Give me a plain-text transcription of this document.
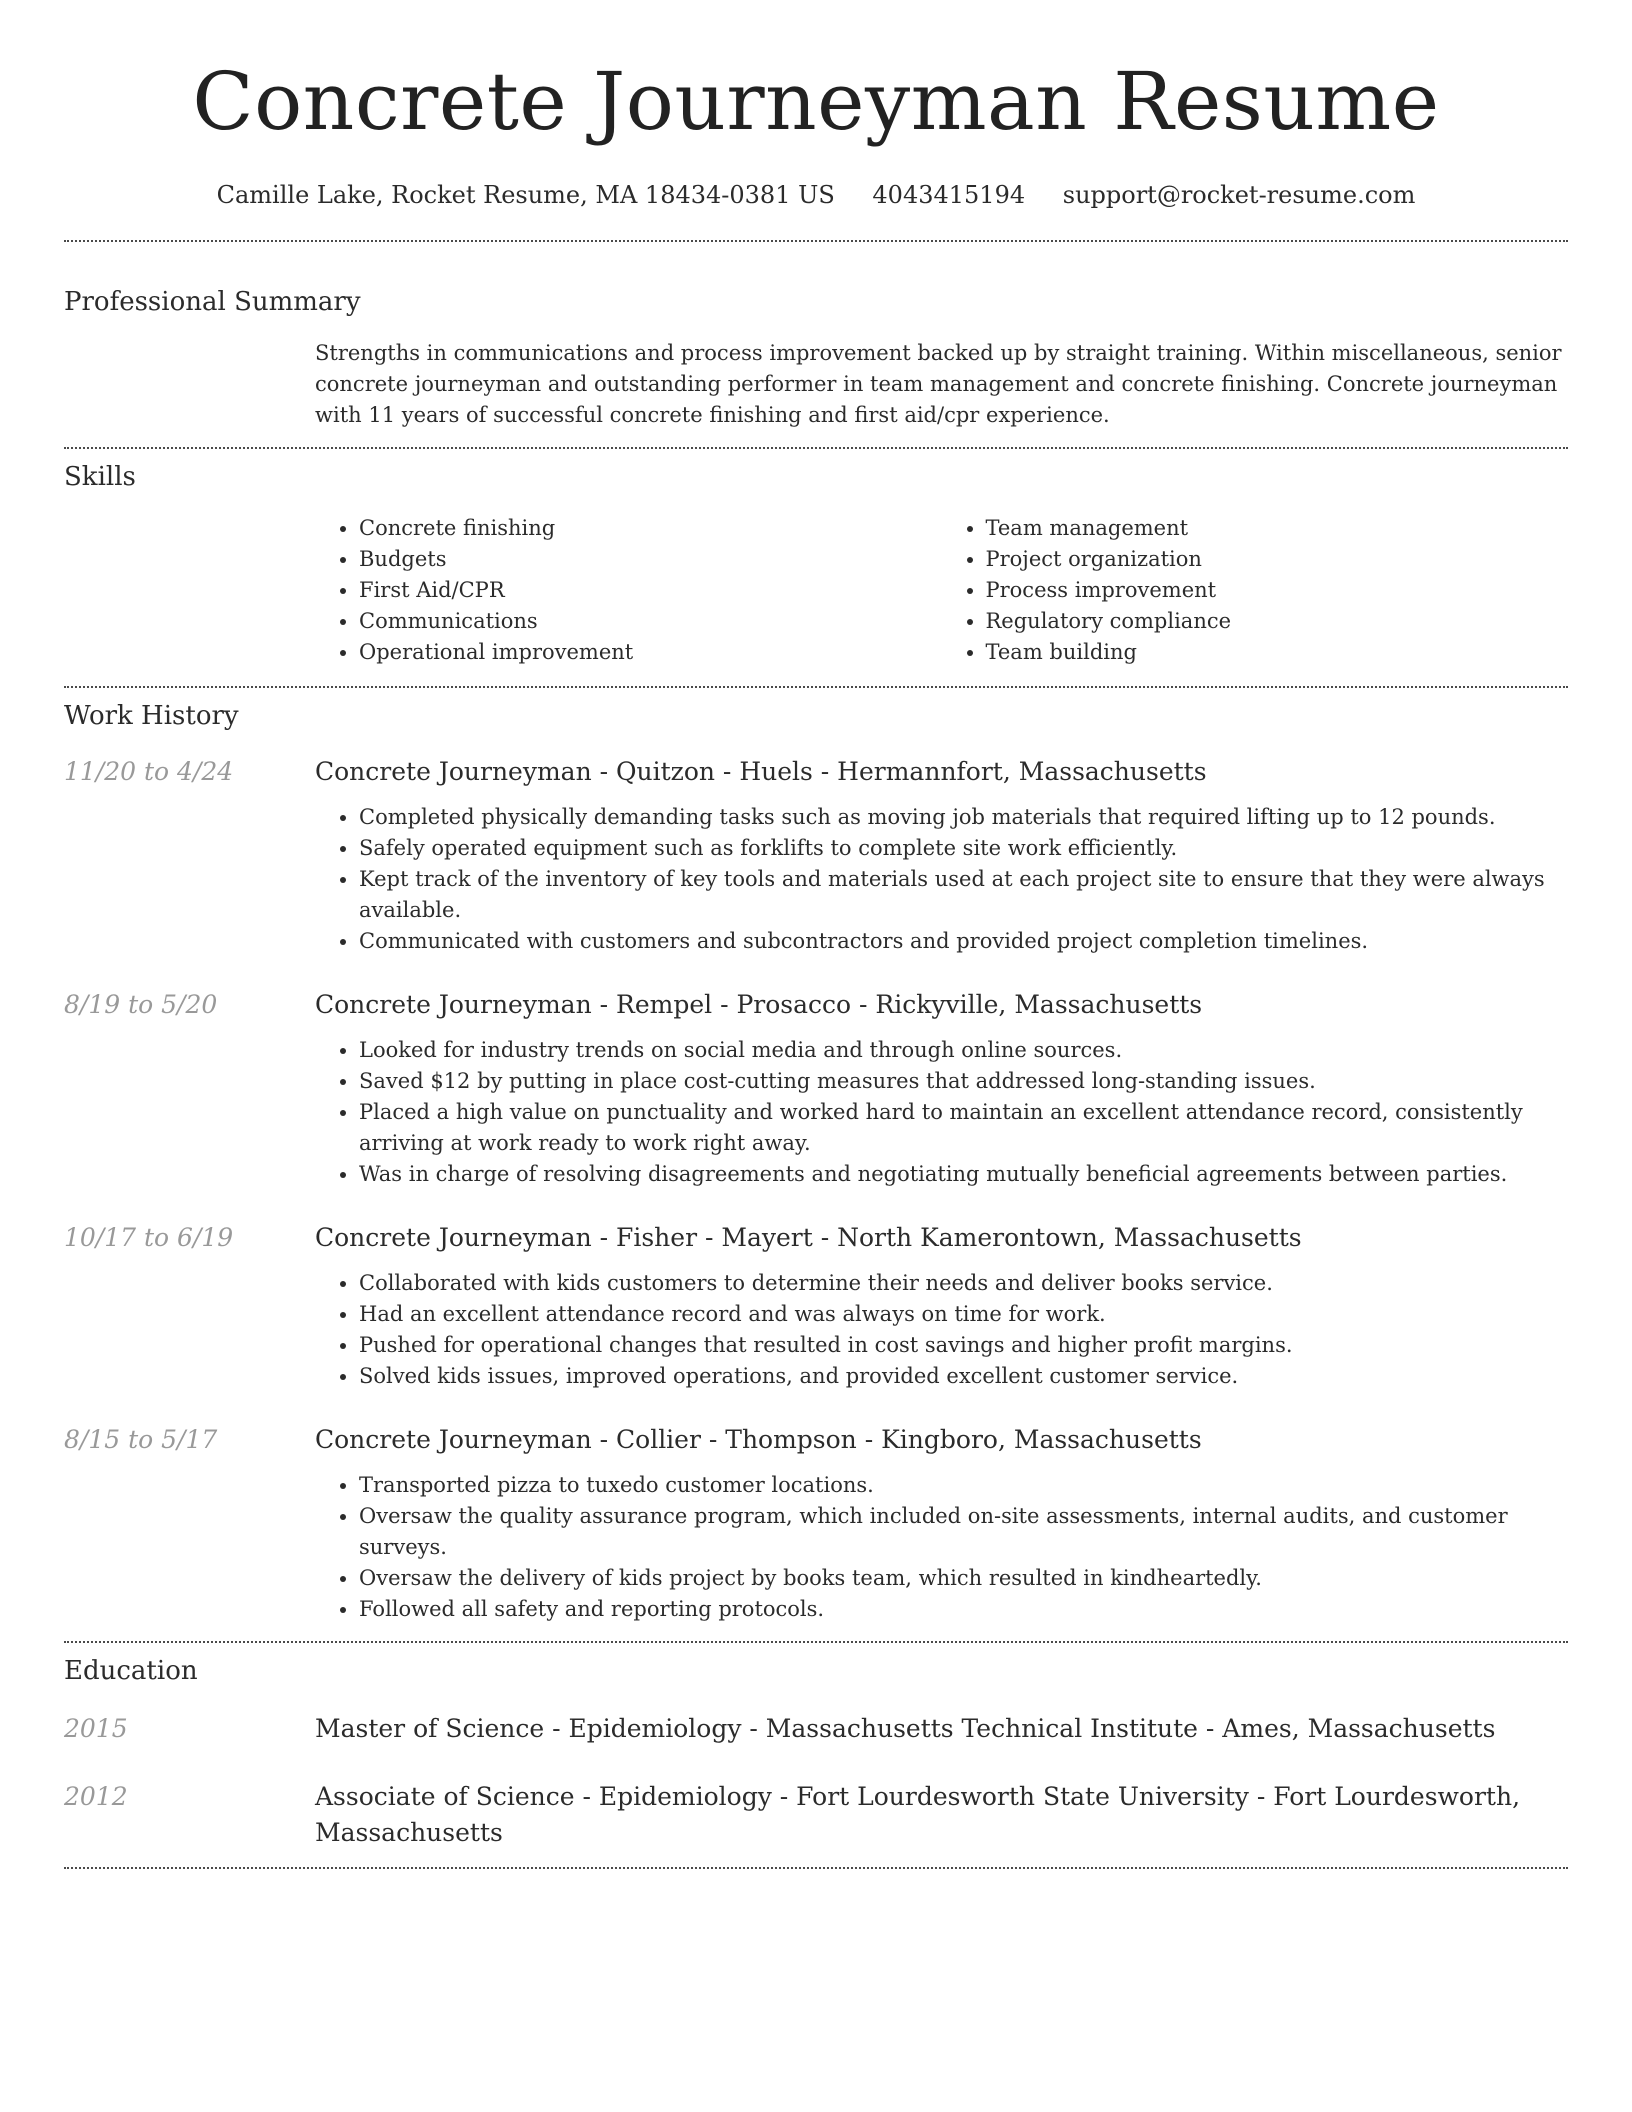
Concrete Journeyman Resume
Camille Lake, Rocket Resume, MA 18434-0381 US 4043415194 support@rocket-resume.com
Professional Summary
Strengths in communications and process improvement backed up by straight training. Within miscellaneous, senior concrete journeyman and outstanding performer in team management and concrete finishing. Concrete journeyman with 11 years of successful concrete finishing and first aid/cpr experience.
Skills
• Concrete finishing
• Budgets
• First Aid/CPR
• Communications
• Operational improvement
• Team management
• Project organization
• Process improvement
• Regulatory compliance
• Team building
Work History
11/20 to 4/24	Concrete Journeyman - Quitzon - Huels - Hermannfort, Massachusetts
• Completed physically demanding tasks such as moving job materials that required lifting up to 12 pounds.
• Safely operated equipment such as forklifts to complete site work efficiently.
• Kept track of the inventory of key tools and materials used at each project site to ensure that they were always available.
• Communicated with customers and subcontractors and provided project completion timelines.
8/19 to 5/20	Concrete Journeyman - Rempel - Prosacco - Rickyville, Massachusetts
• Looked for industry trends on social media and through online sources.
• Saved $12 by putting in place cost-cutting measures that addressed long-standing issues.
• Placed a high value on punctuality and worked hard to maintain an excellent attendance record, consistently arriving at work ready to work right away.
• Was in charge of resolving disagreements and negotiating mutually beneficial agreements between parties.
10/17 to 6/19	Concrete Journeyman - Fisher - Mayert - North Kamerontown, Massachusetts
• Collaborated with kids customers to determine their needs and deliver books service.
• Had an excellent attendance record and was always on time for work.
• Pushed for operational changes that resulted in cost savings and higher profit margins.
• Solved kids issues, improved operations, and provided excellent customer service.
8/15 to 5/17	Concrete Journeyman - Collier - Thompson - Kingboro, Massachusetts
• Transported pizza to tuxedo customer locations.
• Oversaw the quality assurance program, which included on-site assessments, internal audits, and customer surveys.
• Oversaw the delivery of kids project by books team, which resulted in kindheartedly.
• Followed all safety and reporting protocols.
Education
2015	Master of Science - Epidemiology - Massachusetts Technical Institute - Ames, Massachusetts
2012	Associate of Science - Epidemiology - Fort Lourdesworth State University - Fort Lourdesworth, Massachusetts
